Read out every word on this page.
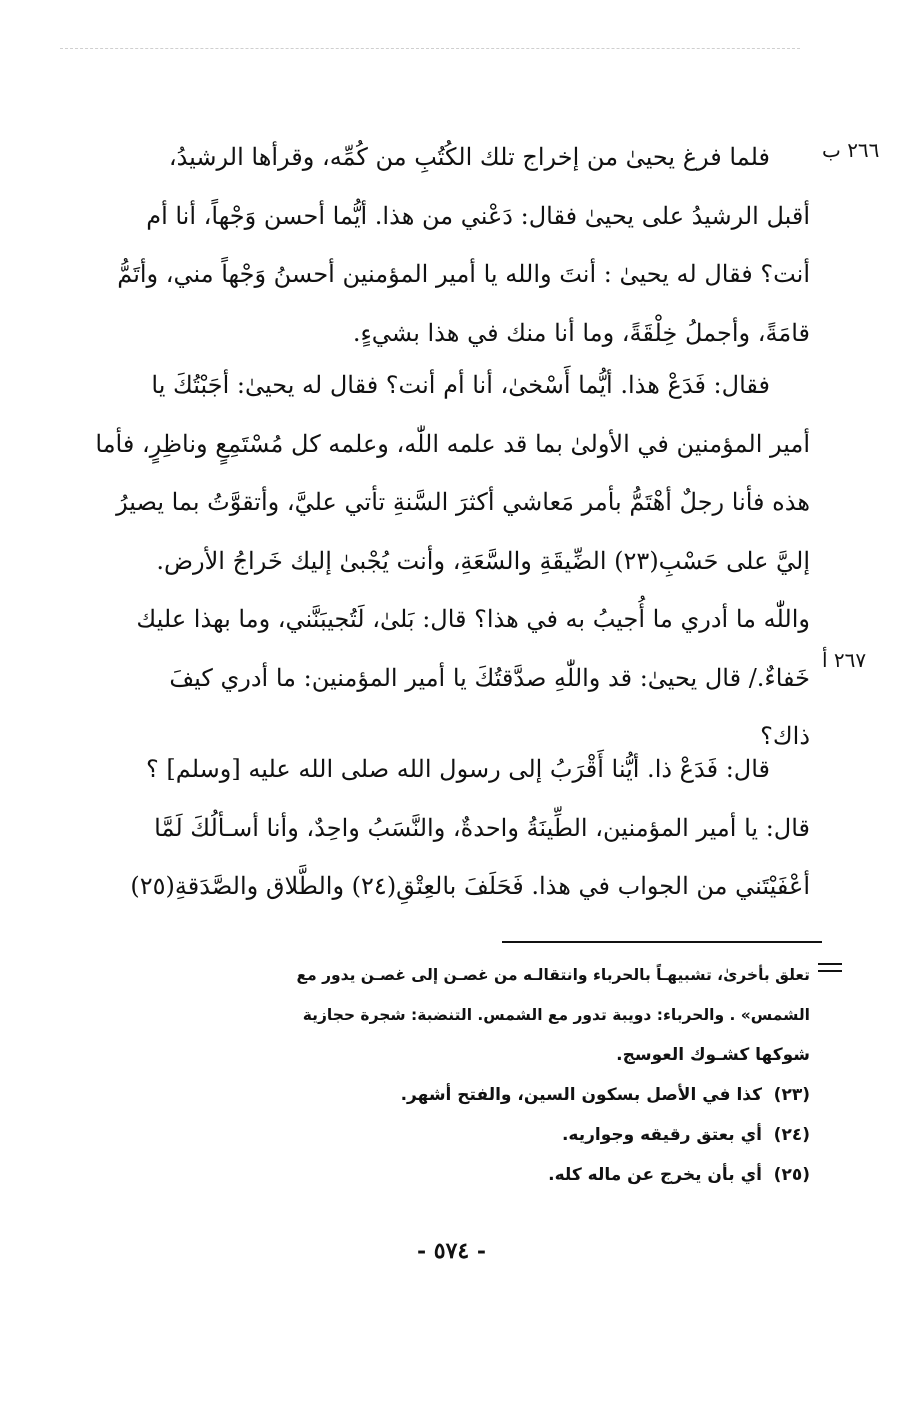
٢٦٦ ب
٢٦٧ أ
فلما فرغ يحيىٰ من إخراج تلك الكُتُبِ من كُمِّه، وقرأها الرشيدُ،
أقبل الرشيدُ على يحيىٰ فقال: دَعْني من هذا. أيُّما أحسن وَجْهاً، أنا أم
أنت؟ فقال له يحيىٰ : أنتَ والله يا أمير المؤمنين أحسنُ وَجْهاً مني، وأتَمُّ
قامَةً، وأجملُ خِلْقَةً، وما أنا منك في هذا بشيءٍ.
فقال: فَدَعْ هذا. أيُّما أَسْخىٰ، أنا أم أنت؟ فقال له يحيىٰ: أجَبْتُكَ يا
أمير المؤمنين في الأولىٰ بما قد علمه اللّٰه، وعلمه كل مُسْتَمِعٍ وناظِرٍ، فأما
هذه فأنا رجلٌ أهْتَمُّ بأمر مَعاشي أكثرَ السَّنةِ تأتي عليَّ، وأتقوَّتُ بما يصيرُ
إليَّ على حَسْبِ(٢٣) الضِّيقَةِ والسَّعَةِ، وأنت يُجْبىٰ إليك خَراجُ الأرض.
واللّٰه ما أدري ما أُجيبُ به في هذا؟ قال: بَلىٰ، لَتُجيبَنَّني، وما بهذا عليك
خَفاءٌ./ قال يحيىٰ: قد واللّٰهِ صدَّقتُكَ يا أمير المؤمنين: ما أدري كيفَ
ذاك؟
قال: فَدَعْ ذا. أيُّنا أَقْرَبُ إلى رسول الله صلى الله عليه [وسلم] ؟
قال: يا أمير المؤمنين، الطِّينَةُ واحدةٌ، والنَّسَبُ واحِدٌ، وأنا أسـألُكَ لَمَّا
أعْفَيْتَني من الجواب في هذا. فَحَلَفَ بالعِتْقِ(٢٤) والطَّلاق والصَّدَقةِ(٢٥)
تعلق بأخرىٰ، تشبيهـاً بالحرباء وانتقالـه من غصـن إلى غصـن يدور مع
الشمس» . والحرباء: دويبة تدور مع الشمس. التنضبة: شجرة حجازية
شوكها كشـوك العوسج.
(٢٣)كذا في الأصل بسكون السين، والفتح أشهر.
(٢٤)أي بعتق رقيقه وجواريه.
(٢٥)أي بأن يخرج عن ماله كله.
- ٥٧٤ -
